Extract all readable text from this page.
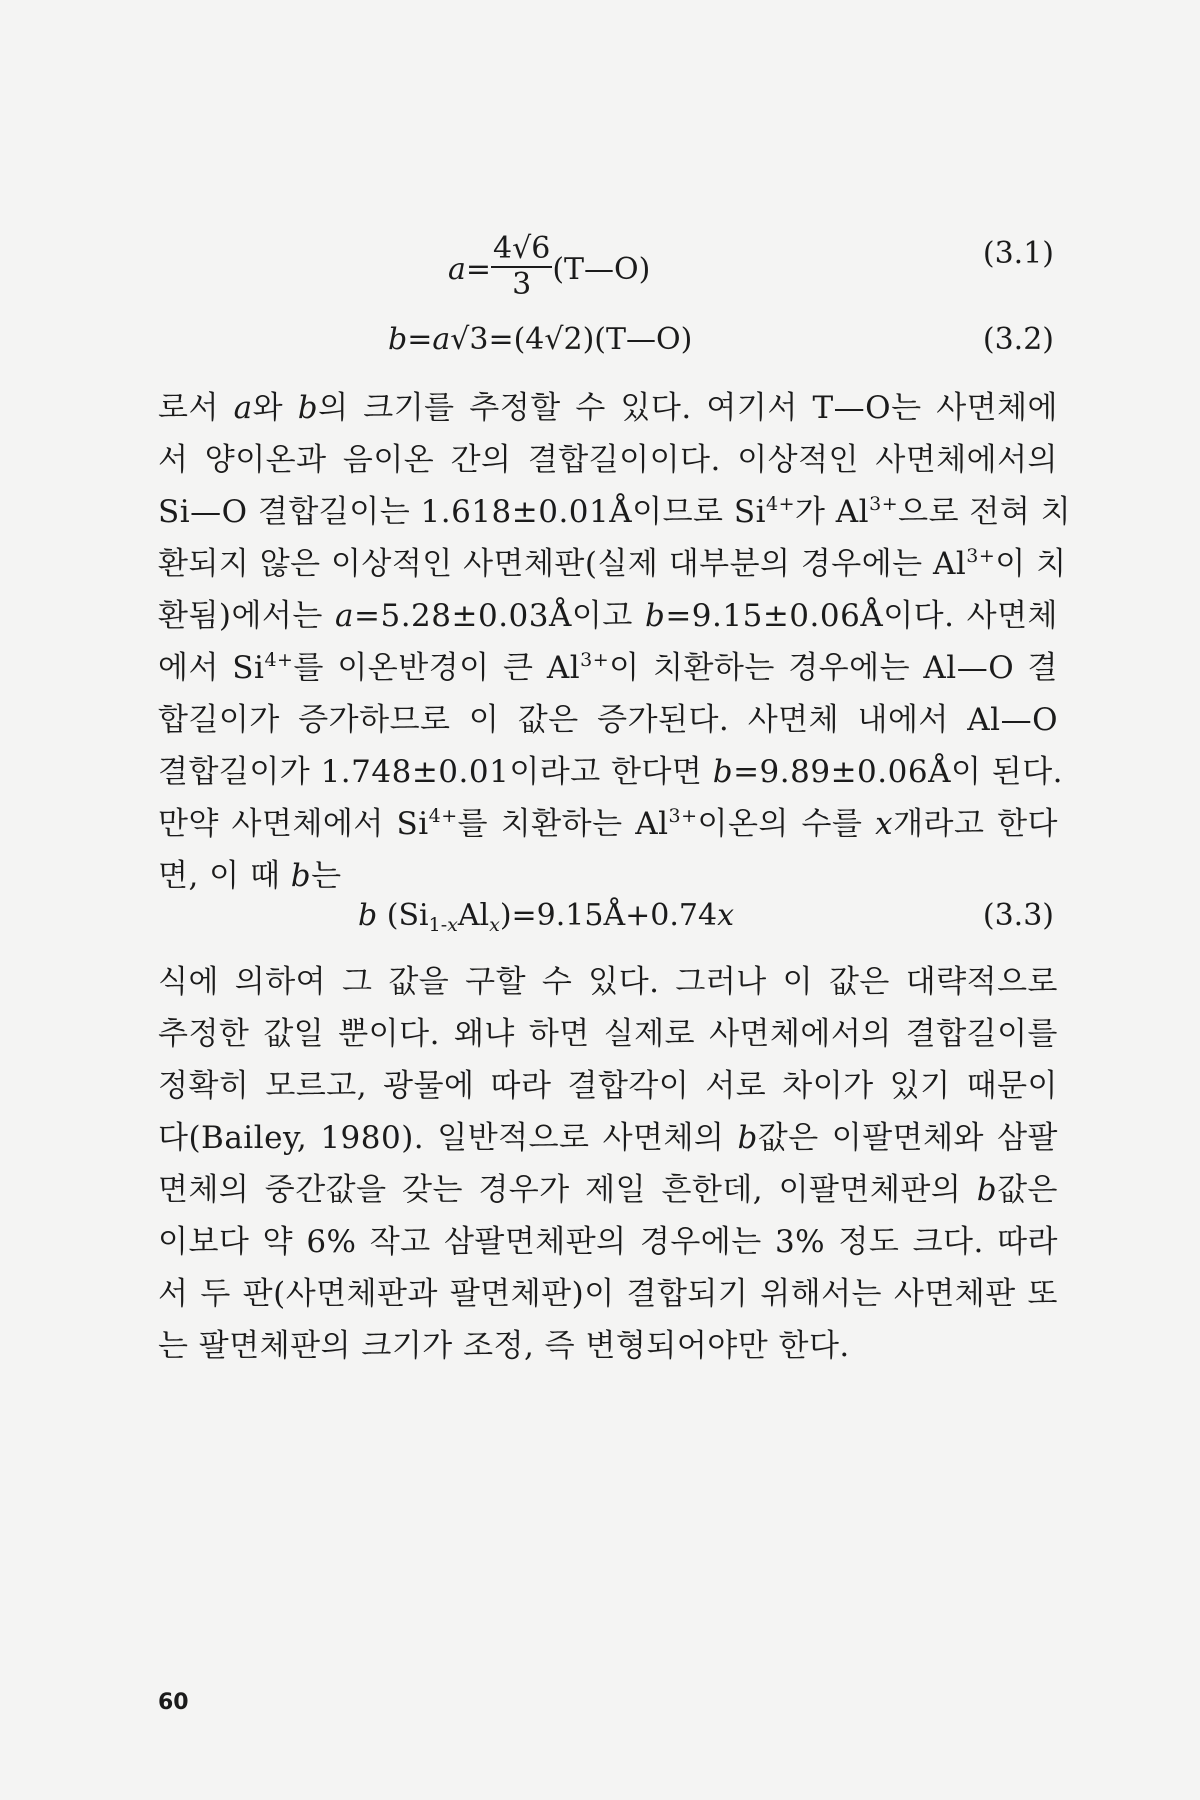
$a= \frac{4√6}{3}$ (T—O)	(3.1)
b=a√3=(4√2)(T—O)	(3.2)
로서 a와 b의 크기를 추정할 수 있다. 여기서 T—O는 사면체에
서 양이온과 음이온 간의 결합길이이다. 이상적인 사면체에서의
Si—O 결합길이는 1.618±0.01Å이므로 $Si^{4+}$가 $Al^{3+}$으로 전혀 치
환되지 않은 이상적인 사면체판(실제 대부분의 경우에는 $Al^{3+}$이 치
환됨)에서는 a=5.28±0.03Å이고 b=9.15±0.06Å이다. 사면체
에서 $Si^{4+}$를 이온반경이 큰 $Al^{3+}$이 치환하는 경우에는 Al—O 결
합길이가 증가하므로 이 값은 증가된다. 사면체 내에서 Al—O
결합길이가 1.748±0.01이라고 한다면 b=9.89±0.06Å이 된다.
만약 사면체에서 $Si^{4+}$를 치환하는 $Al^{3+}$이온의 수를 x개라고 한다
면, 이 때 b는
b $(Si_{1-x}Al_x)=9.15Å+0.74x$	(3.3)
식에 의하여 그 값을 구할 수 있다. 그러나 이 값은 대략적으로
추정한 값일 뿐이다. 왜냐 하면 실제로 사면체에서의 결합길이를
정확히 모르고, 광물에 따라 결합각이 서로 차이가 있기 때문이
다(Bailey, 1980). 일반적으로 사면체의 b값은 이팔면체와 삼팔
면체의 중간값을 갖는 경우가 제일 흔한데, 이팔면체판의 b값은
이보다 약 6% 작고 삼팔면체판의 경우에는 3% 정도 크다. 따라
서 두 판(사면체판과 팔면체판)이 결합되기 위해서는 사면체판 또
는 팔면체판의 크기가 조정, 즉 변형되어야만 한다.
60
